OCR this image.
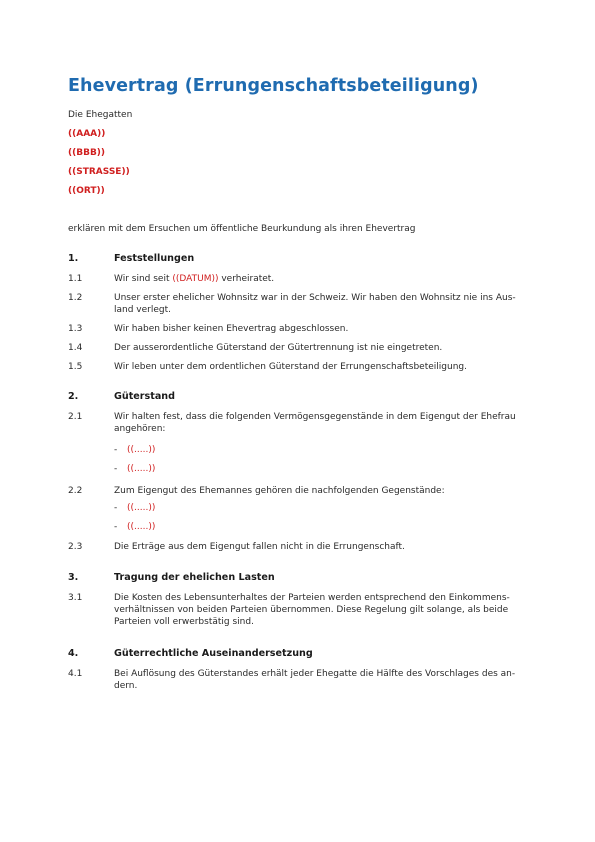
Ehevertrag (Errungenschaftsbeteiligung)
Die Ehegatten
((AAA))
((BBB))
((STRASSE))
((ORT))
erklären mit dem Ersuchen um öffentliche Beurkundung als ihren Ehevertrag
1.	Feststellungen
1.1	Wir sind seit ((DATUM)) verheiratet.
1.2	Unser erster ehelicher Wohnsitz war in der Schweiz. Wir haben den Wohnsitz nie ins Aus-
land verlegt.
1.3	Wir haben bisher keinen Ehevertrag abgeschlossen.
1.4	Der ausserordentliche Güterstand der Gütertrennung ist nie eingetreten.
1.5	Wir leben unter dem ordentlichen Güterstand der Errungenschaftsbeteiligung.
2.	Güterstand
2.1	Wir halten fest, dass die folgenden Vermögensgegenstände in dem Eigengut der Ehefrau
angehören:
- ((.....))
- ((.....))
2.2	Zum Eigengut des Ehemannes gehören die nachfolgenden Gegenstände:
- ((.....))
- ((.....))
2.3	Die Erträge aus dem Eigengut fallen nicht in die Errungenschaft.
3.	Tragung der ehelichen Lasten
3.1	Die Kosten des Lebensunterhaltes der Parteien werden entsprechend den Einkommens-
verhältnissen von beiden Parteien übernommen. Diese Regelung gilt solange, als beide
Parteien voll erwerbstätig sind.
4.	Güterrechtliche Auseinandersetzung
4.1	Bei Auflösung des Güterstandes erhält jeder Ehegatte die Hälfte des Vorschlages des an-
dern.
